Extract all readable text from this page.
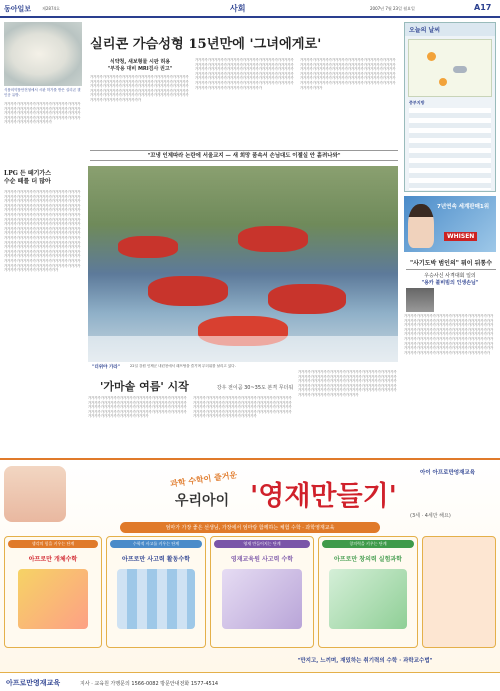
동아일보	제2874호	사회	2007년 7월 23일 월요일	A17
식품의약품안전청에서 시판 허가를 받은 실리콘 겔 인공 유방.
가가가가가가가가가가가가가가가가가가가가가가가가가가가가가가가가가가가가가가가가가가가가가가가가가가가가가가가가가가가가가가가가가가가가가가가가가가가가가가가가가가가가가가가가가가가가가가가가가가가가가가가가가가가가가가가
실리콘 가슴성형 15년만에 '그녀에게로'
식약청, 새보형물 시판 허용
"부작용 대비 MRI검사 권고"
가가가가가가가가가가가가가가가가가가가가가가가가가가가가가가가가가가가가가가가가가가가가가가가가가가가가가가가가가가가가가가가가가가가가가가가가가가가가가가가가가가가가가가가가가가가가가가가가가가가가가가가가가가가가가가가가가가가가가가가가가가가가가가가가가가가가가가가가가가가가가가가가가가가가가가가가가가가가가가가가가가가가가가가가가가가
가가가가가가가가가가가가가가가가가가가가가가가가가가가가가가가가가가가가가가가가가가가가가가가가가가가가가가가가가가가가가가가가가가가가가가가가가가가가가가가가가가가가가가가가가가가가가가가가가가가가가가가가가가가가가가가가가가가가가가가가가가가가가가가가가가가가가가가가가가가가가가가가가가가가가가가가가가가가가가가가가가가가가가가가가가가가가가가가가가가가가가가가가가가가가가가가가가가가가가가가가가가가가가가
가가가가가가가가가가가가가가가가가가가가가가가가가가가가가가가가가가가가가가가가가가가가가가가가가가가가가가가가가가가가가가가가가가가가가가가가가가가가가가가가가가가가가가가가가가가가가가가가가가가가가가가가가가가가가가가가가가가가가가가가가가가가가가가가가가가가가가가가가가가가가가가가가가가가가가가가가가가가가가가가가가가가가가가가가가가가가가가가가가가가가가가가가가가
"꼬냉 인제따라 논란에 서울교지 — 새 희망 품속서 손님대도 이젤실 안 흙려나와"
오늘의 날씨
중부지방
7년연속 세계판매1위
WHISEN
LPG 든 떼기가스
수순 떼를 더 많아
가가가가가가가가가가가가가가가가가가가가가가가가가가가가가가가가가가가가가가가가가가가가가가가가가가가가가가가가가가가가가가가가가가가가가가가가가가가가가가가가가가가가가가가가가가가가가가가가가가가가가가가가가가가가가가가가가가가가가가가가가가가가가가가가가가가가가가가가가가가가가가가가가가가가가가가가가가가가가가가가가가가가가가가가가가가가가가가가가가가가가가가가가가가가가가가가가가가가가가가가가가가가가가가가가가가가가가가가가가가가가가가가가가가가가가가가가가가가가가가가가가가가가가가가가가가가가가가가가가가가가가가가가가가가가가가가가가가가가가가가가가가가가가가가가가가가가가가가가가가가가가가가가가가가가가가가가가가가가가가가가가가가가가가가가가가가가가가가가가가가가가가가가가가가가가가가가가가가가가가가가가가가가가가가가가가가가가가가가가가가가가가가가가가가가가가가가가가가가가가가가가가가가가가가가가가가가가가가가가가가가가가가가
"더위야 가라"	22일 강원 인제군 내린천에서 래프팅을 즐기며 무더위를 날리고 있다.
'가마솥 여름' 시작	강우 전이곰 30~35도 본격 무더워
가가가가가가가가가가가가가가가가가가가가가가가가가가가가가가가가가가가가가가가가가가가가가가가가가가가가가가가가가가가가가가가가가가가가가가가가가가가가가가가가가가가가가가가가가가가가가가가가가가가가가가가가가가가가가가가가가가가가가가가가가가가가가가가가가가가가가가가가가가가가가가가
가가가가가가가가가가가가가가가가가가가가가가가가가가가가가가가가가가가가가가가가가가가가가가가가가가가가가가가가가가가가가가가가가가가가가가가가가가가가가가가가가가가가가가가가가가가가가가가가가가가가가가가가가가가가가가가가가가가가가가가가가가가가가가가가가가가가가가가가가가가가가가가가
가가가가가가가가가가가가가가가가가가가가가가가가가가가가가가가가가가가가가가가가가가가가가가가가가가가가가가가가가가가가가가가가가가가가가가가가가가가가가가가가가가가가가가가가가가가가가가가가가가가가가가가가가가가가가가가가가가가가가가가가가가가가가가가가가가가가가가가가가가가가가가가가가가가가가가가가가가가가가가가가가가가가가가가가가가가가가가
"사기도박 범인의" 뭐이 뒤통수
우승사신 사격대회 일의
"용카 불비빔의 인생손님"
가가가가가가가가가가가가가가가가가가가가가가가가가가가가가가가가가가가가가가가가가가가가가가가가가가가가가가가가가가가가가가가가가가가가가가가가가가가가가가가가가가가가가가가가가가가가가가가가가가가가가가가가가가가가가가가가가가가가가가가가가가가가가가가가가가가가가가가가가가가가가가가가가가가가가가가가가가가가가가가가가가가가가가가가가가가가가가가가가가가가가가가가가가가가가가가가가가가가가가가가가가가가가가가가가가가가가가가가가가가가가가가가가가가가가가가가가가가가가가가가가가가가가가가가가가가
과학 수학이 즐거운
우리아이 '영재만들기'
(3세 · 4세만 해요)
아이 아프로만엉재교육
엄마가 가장 좋은 선생님, 가장에서 엄마랑 함께하는 체험 수학 · 과학영재교육
생각의 힘을 키우는 단계
아프로만 개체수학
수학적 사고를 키우는 단계
아프로만 사고력 활동수학
영재 만들어지는 단계
영재교육원 사고력 수학
창의력을 키우는 단계
아프로만 창의력 실험과학
"만지고, 느끼며, 재밌하는 취기력의 수학 · 과학교수법"
아프로만영재교육	지사 · 교육원 가맹문의 1566-0082 방문안내전화 1577-4514
